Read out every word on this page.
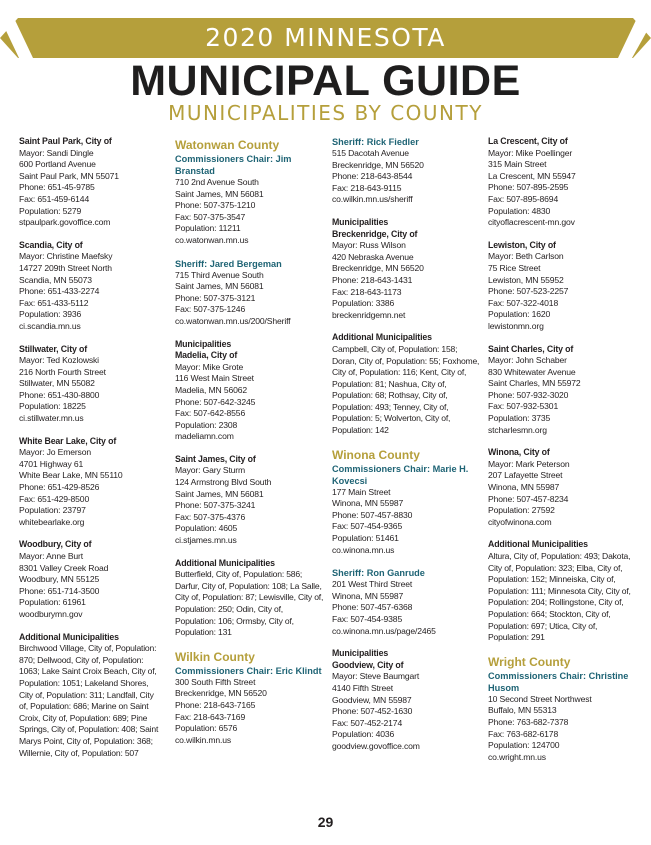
2020 MINNESOTA
MUNICIPAL GUIDE
MUNICIPALITIES BY COUNTY
Saint Paul Park, City of
Mayor: Sandi Dingle
600 Portland Avenue
Saint Paul Park, MN 55071
Phone: 651-45-9785
Fax: 651-459-6144
Population: 5279
stpaulpark.govoffice.com
Scandia, City of
Mayor: Christine Maefsky
14727 209th Street North
Scandia, MN 55073
Phone: 651-433-2274
Fax: 651-433-5112
Population: 3936
ci.scandia.mn.us
Stillwater, City of
Mayor: Ted Kozlowski
216 North Fourth Street
Stillwater, MN 55082
Phone: 651-430-8800
Population: 18225
ci.stillwater.mn.us
White Bear Lake, City of
Mayor: Jo Emerson
4701 Highway 61
White Bear Lake, MN 55110
Phone: 651-429-8526
Fax: 651-429-8500
Population: 23797
whitebearlake.org
Woodbury, City of
Mayor: Anne Burt
8301 Valley Creek Road
Woodbury, MN 55125
Phone: 651-714-3500
Population: 61961
woodburymn.gov
Additional Municipalities
Birchwood Village, City of, Population: 870; Dellwood, City of, Population: 1063; Lake Saint Croix Beach, City of, Population: 1051; Lakeland Shores, City of, Population: 311; Landfall, City of, Population: 686; Marine on Saint Croix, City of, Population: 689; Pine Springs, City of, Population: 408; Saint Marys Point, City of, Population: 368; Willernie, City of, Population: 507
Watonwan County
Commissioners Chair: Jim Branstad
710 2nd Avenue South
Saint James, MN 56081
Phone: 507-375-1210
Fax: 507-375-3547
Population: 11211
co.watonwan.mn.us
Sheriff: Jared Bergeman
715 Third Avenue South
Saint James, MN 56081
Phone: 507-375-3121
Fax: 507-375-1246
co.watonwan.mn.us/200/Sheriff
Municipalities
Madelia, City of
Mayor: Mike Grote
116 West Main Street
Madelia, MN 56062
Phone: 507-642-3245
Fax: 507-642-8556
Population: 2308
madeliamn.com
Saint James, City of
Mayor: Gary Sturm
124 Armstrong Blvd South
Saint James, MN 56081
Phone: 507-375-3241
Fax: 507-375-4376
Population: 4605
ci.stjames.mn.us
Additional Municipalities
Butterfield, City of, Population: 586; Darfur, City of, Population: 108; La Salle, City of, Population: 87; Lewisville, City of, Population: 250; Odin, City of, Population: 106; Ormsby, City of, Population: 131
Wilkin County
Commissioners Chair: Eric Klindt
300 South Fifth Street
Breckenridge, MN 56520
Phone: 218-643-7165
Fax: 218-643-7169
Population: 6576
co.wilkin.mn.us
Sheriff: Rick Fiedler
515 Dacotah Avenue
Breckenridge, MN 56520
Phone: 218-643-8544
Fax: 218-643-9115
co.wilkin.mn.us/sheriff
Municipalities
Breckenridge, City of
Mayor: Russ Wilson
420 Nebraska Avenue
Breckenridge, MN 56520
Phone: 218-643-1431
Fax: 218-643-1173
Population: 3386
breckenridgemn.net
Additional Municipalities
Campbell, City of, Population: 158; Doran, City of, Population: 55; Foxhome, City of, Population: 116; Kent, City of, Population: 81; Nashua, City of, Population: 68; Rothsay, City of, Population: 493; Tenney, City of, Population: 5; Wolverton, City of, Population: 142
Winona County
Commissioners Chair: Marie H. Kovecsi
177 Main Street
Winona, MN 55987
Phone: 507-457-8830
Fax: 507-454-9365
Population: 51461
co.winona.mn.us
Sheriff: Ron Ganrude
201 West Third Street
Winona, MN 55987
Phone: 507-457-6368
Fax: 507-454-9385
co.winona.mn.us/page/2465
Municipalities
Goodview, City of
Mayor: Steve Baumgart
4140 Fifth Street
Goodview, MN 55987
Phone: 507-452-1630
Fax: 507-452-2174
Population: 4036
goodview.govoffice.com
La Crescent, City of
Mayor: Mike Poellinger
315 Main Street
La Crescent, MN 55947
Phone: 507-895-2595
Fax: 507-895-8694
Population: 4830
cityoflacrescent-mn.gov
Lewiston, City of
Mayor: Beth Carlson
75 Rice Street
Lewiston, MN 55952
Phone: 507-523-2257
Fax: 507-322-4018
Population: 1620
lewistonmn.org
Saint Charles, City of
Mayor: John Schaber
830 Whitewater Avenue
Saint Charles, MN 55972
Phone: 507-932-3020
Fax: 507-932-5301
Population: 3735
stcharlesmn.org
Winona, City of
Mayor: Mark Peterson
207 Lafayette Street
Winona, MN 55987
Phone: 507-457-8234
Population: 27592
cityofwinona.com
Additional Municipalities
Altura, City of, Population: 493; Dakota, City of, Population: 323; Elba, City of, Population: 152; Minneiska, City of, Population: 111; Minnesota City, City of, Population: 204; Rollingstone, City of, Population: 664; Stockton, City of, Population: 697; Utica, City of, Population: 291
Wright County
Commissioners Chair: Christine Husom
10 Second Street Northwest
Buffalo, MN 55313
Phone: 763-682-7378
Fax: 763-682-6178
Population: 124700
co.wright.mn.us
29
